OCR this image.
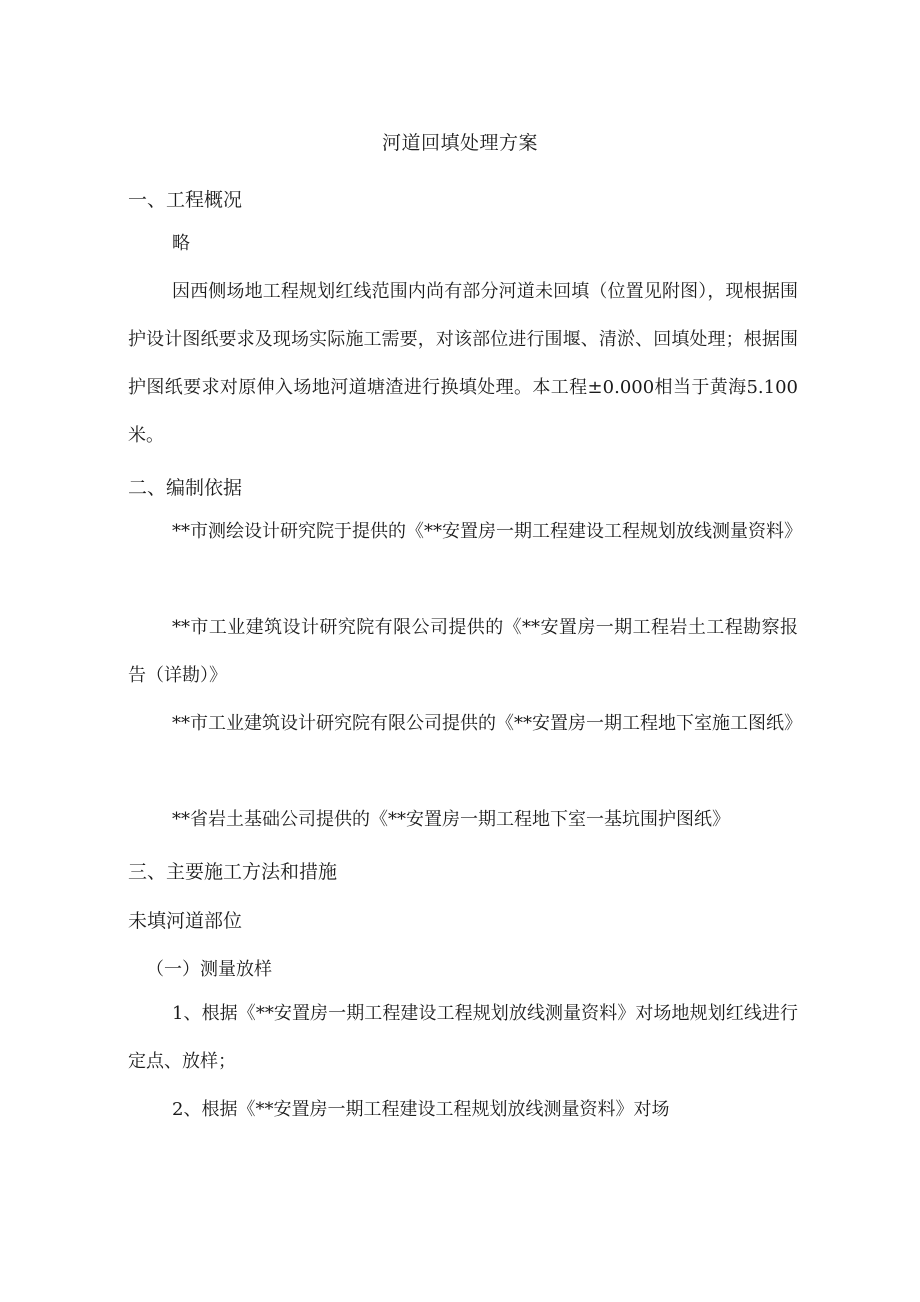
河道回填处理方案
一、工程概况

略

因西侧场地工程规划红线范围内尚有部分河道未回填（位置见附图），现根据围护设计图纸要求及现场实际施工需要，对该部位进行围堰、清淤、回填处理；根据围护图纸要求对原伸入场地河道塘渣进行换填处理。本工程±0.000相当于黄海5.100米。

二、编制依据

**市测绘设计研究院于提供的《**安置房一期工程建设工程规划放线测量资料》

**市工业建筑设计研究院有限公司提供的《**安置房一期工程岩土工程勘察报告（详勘）》

**市工业建筑设计研究院有限公司提供的《**安置房一期工程地下室施工图纸》

**省岩土基础公司提供的《**安置房一期工程地下室一基坑围护图纸》

三、主要施工方法和措施
未填河道部位

（一）测量放样

1、根据《**安置房一期工程建设工程规划放线测量资料》对场地规划红线进行定点、放样；

2、根据《**安置房一期工程建设工程规划放线测量资料》对场
